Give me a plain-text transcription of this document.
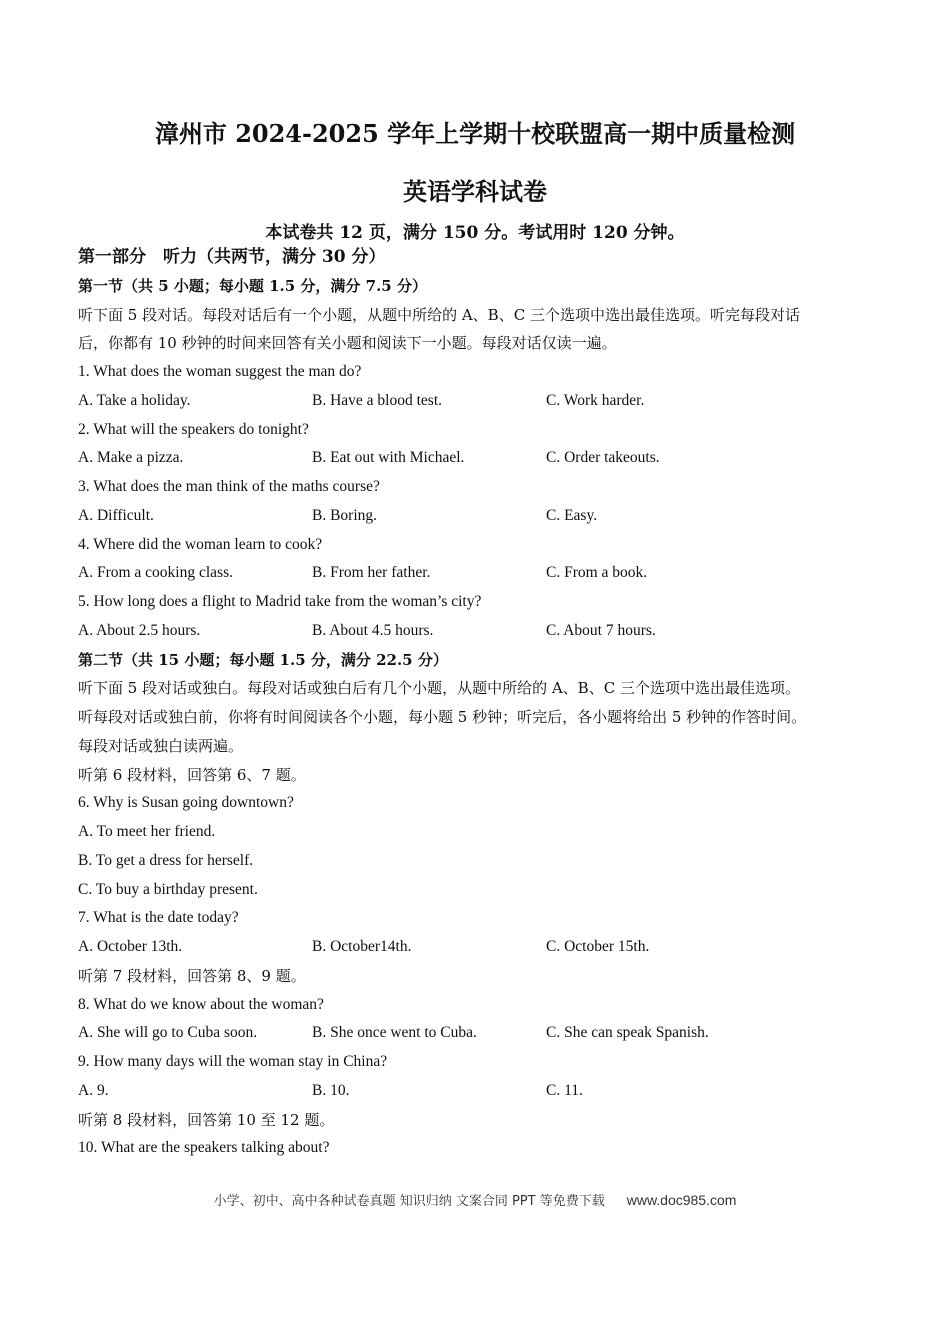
漳州市 2024-2025 学年上学期十校联盟高一期中质量检测
英语学科试卷
本试卷共 12 页，满分 150 分。考试用时 120 分钟。
第一部分　听力（共两节，满分 30 分）
第一节（共 5 小题；每小题 1.5 分，满分 7.5 分）
听下面 5 段对话。每段对话后有一个小题，从题中所给的 A、B、C 三个选项中选出最佳选项。听完每段对话
后，你都有 10 秒钟的时间来回答有关小题和阅读下一小题。每段对话仅读一遍。
1. What does the woman suggest the man do?
A. Take a holiday.	B. Have a blood test.	C. Work harder.
2. What will the speakers do tonight?
A. Make a pizza.	B. Eat out with Michael.	C. Order takeouts.
3. What does the man think of the maths course?
A. Difficult.	B. Boring.	C. Easy.
4. Where did the woman learn to cook?
A. From a cooking class.	B. From her father.	C. From a book.
5. How long does a flight to Madrid take from the woman’s city?
A. About 2.5 hours.	B. About 4.5 hours.	C. About 7 hours.
第二节（共 15 小题；每小题 1.5 分，满分 22.5 分）
听下面 5 段对话或独白。每段对话或独白后有几个小题，从题中所给的 A、B、C 三个选项中选出最佳选项。
听每段对话或独白前，你将有时间阅读各个小题，每小题 5 秒钟；听完后，各小题将给出 5 秒钟的作答时间。
每段对话或独白读两遍。
听第 6 段材料，回答第 6、7 题。
6. Why is Susan going downtown?
A. To meet her friend.
B. To get a dress for herself.
C. To buy a birthday present.
7. What is the date today?
A. October 13th.	B. October14th.	C. October 15th.
听第 7 段材料，回答第 8、9 题。
8. What do we know about the woman?
A. She will go to Cuba soon.	B. She once went to Cuba.	C. She can speak Spanish.
9. How many days will the woman stay in China?
A. 9.	B. 10.	C. 11.
听第 8 段材料，回答第 10 至 12 题。
10. What are the speakers talking about?
小学、初中、高中各种试卷真题 知识归纳 文案合同 PPT 等免费下载 www.doc985.com
